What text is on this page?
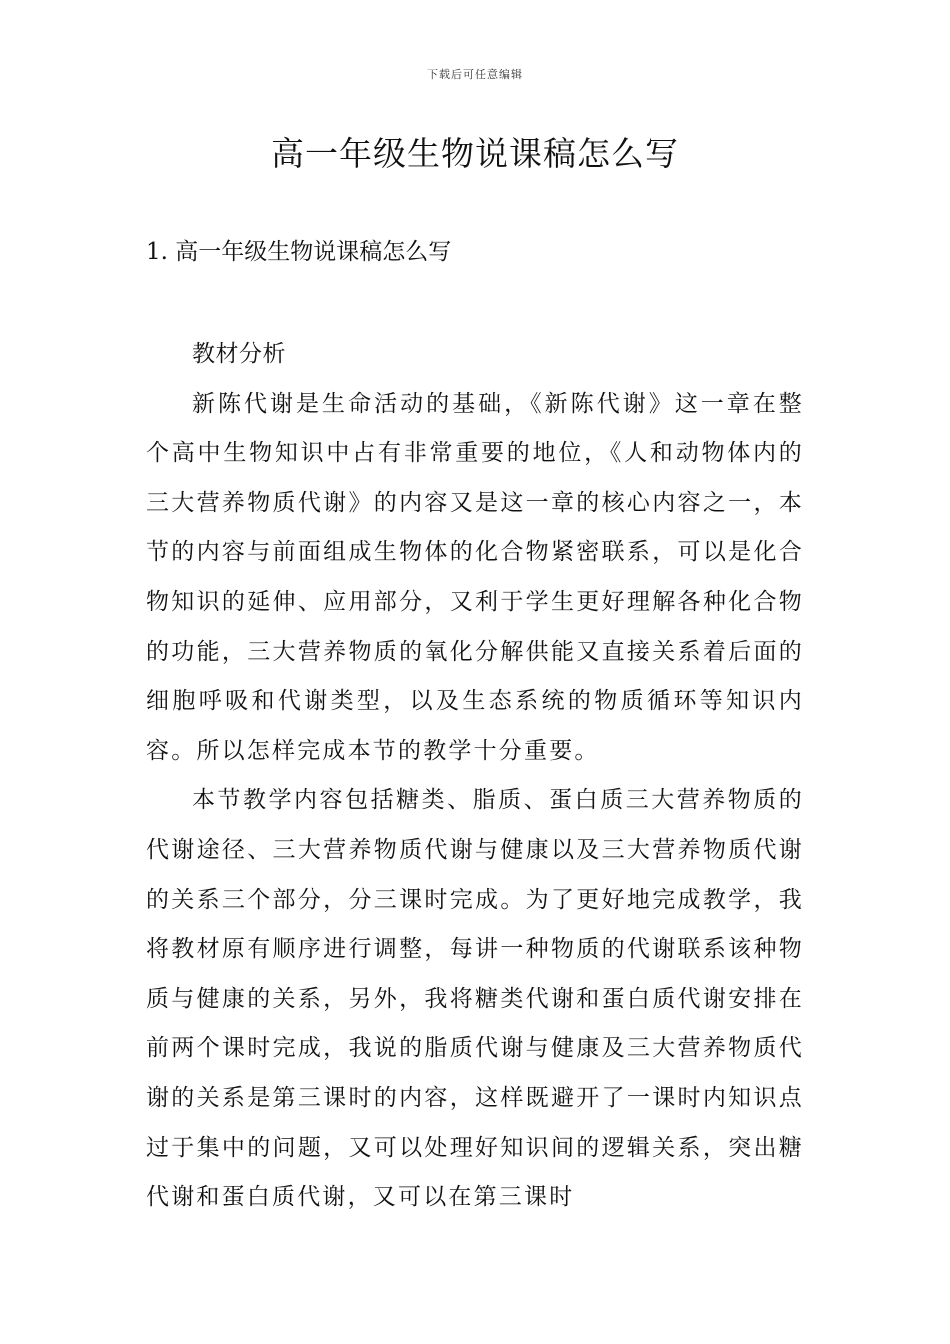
下载后可任意编辑
高一年级生物说课稿怎么写
1. 高一年级生物说课稿怎么写

教材分析

新陈代谢是生命活动的基础，《新陈代谢》这一章在整个高中生物知识中占有非常重要的地位，《人和动物体内的三大营养物质代谢》的内容又是这一章的核心内容之一，本节的内容与前面组成生物体的化合物紧密联系，可以是化合物知识的延伸、应用部分，又利于学生更好理解各种化合物的功能，三大营养物质的氧化分解供能又直接关系着后面的细胞呼吸和代谢类型，以及生态系统的物质循环等知识内容。所以怎样完成本节的教学十分重要。

本节教学内容包括糖类、脂质、蛋白质三大营养物质的代谢途径、三大营养物质代谢与健康以及三大营养物质代谢的关系三个部分，分三课时完成。为了更好地完成教学，我将教材原有顺序进行调整，每讲一种物质的代谢联系该种物质与健康的关系，另外，我将糖类代谢和蛋白质代谢安排在前两个课时完成，我说的脂质代谢与健康及三大营养物质代谢的关系是第三课时的内容，这样既避开了一课时内知识点过于集中的问题，又可以处理好知识间的逻辑关系，突出糖代谢和蛋白质代谢，又可以在第三课时
